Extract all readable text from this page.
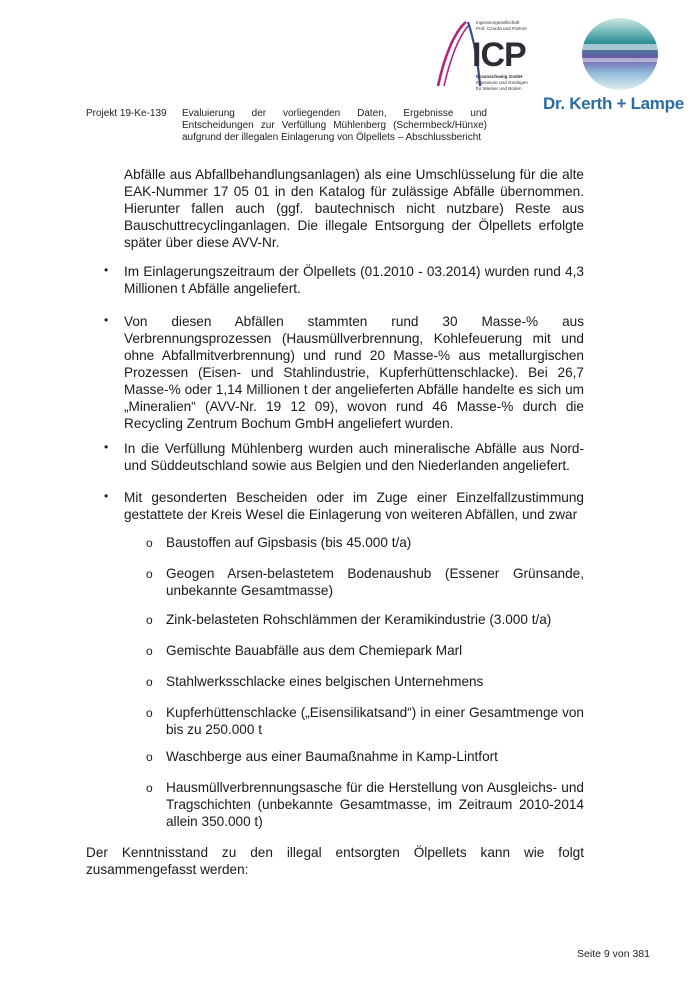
Projekt 19-Ke-139 Evaluierung der vorliegenden Daten, Ergebnisse und Entscheidungen zur Verfüllung Mühlenberg (Schermbeck/Hünxe) aufgrund der illegalen Einlagerung von Ölpellets – Abschlussbericht
Ingenieurgesellschaft
Prof. Czurda und Partner
ICP
Braunschweig GmbH
Ingenieure und Geologen
für Wasser und Boden
Dr. Kerth + Lampe
Abfälle aus Abfallbehandlungsanlagen) als eine Umschlüsselung für die alte EAK-Nummer 17 05 01 in den Katalog für zulässige Abfälle übernommen. Hierunter fallen auch (ggf. bautechnisch nicht nutzbare) Reste aus Bauschuttrecyclinganlagen. Die illegale Entsorgung der Ölpellets erfolgte später über diese AVV-Nr.
• Im Einlagerungszeitraum der Ölpellets (01.2010 - 03.2014) wurden rund 4,3 Millionen t Abfälle angeliefert.
• Von diesen Abfällen stammten rund 30 Masse-% aus Verbrennungsprozessen (Hausmüllverbrennung, Kohlefeuerung mit und ohne Abfallmitverbrennung) und rund 20 Masse-% aus metallurgischen Prozessen (Eisen- und Stahlindustrie, Kupferhüttenschlacke). Bei 26,7 Masse-% oder 1,14 Millionen t der angelieferten Abfälle handelte es sich um „Mineralien“ (AVV-Nr. 19 12 09), wovon rund 46 Masse-% durch die Recycling Zentrum Bochum GmbH angeliefert wurden.
• In die Verfüllung Mühlenberg wurden auch mineralische Abfälle aus Nord- und Süddeutschland sowie aus Belgien und den Niederlanden angeliefert.
• Mit gesonderten Bescheiden oder im Zuge einer Einzelfallzustimmung gestattete der Kreis Wesel die Einlagerung von weiteren Abfällen, und zwar
o Baustoffen auf Gipsbasis (bis 45.000 t/a)
o Geogen Arsen-belastetem Bodenaushub (Essener Grünsande, unbekannte Gesamtmasse)
o Zink-belasteten Rohschlämmen der Keramikindustrie (3.000 t/a)
o Gemischte Bauabfälle aus dem Chemiepark Marl
o Stahlwerksschlacke eines belgischen Unternehmens
o Kupferhüttenschlacke („Eisensilikatsand“) in einer Gesamtmenge von bis zu 250.000 t
o Waschberge aus einer Baumaßnahme in Kamp-Lintfort
o Hausmüllverbrennungsasche für die Herstellung von Ausgleichs- und Tragschichten (unbekannte Gesamtmasse, im Zeitraum 2010-2014 allein 350.000 t)
Der Kenntnisstand zu den illegal entsorgten Ölpellets kann wie folgt zusammengefasst werden:
Seite 9 von 381
